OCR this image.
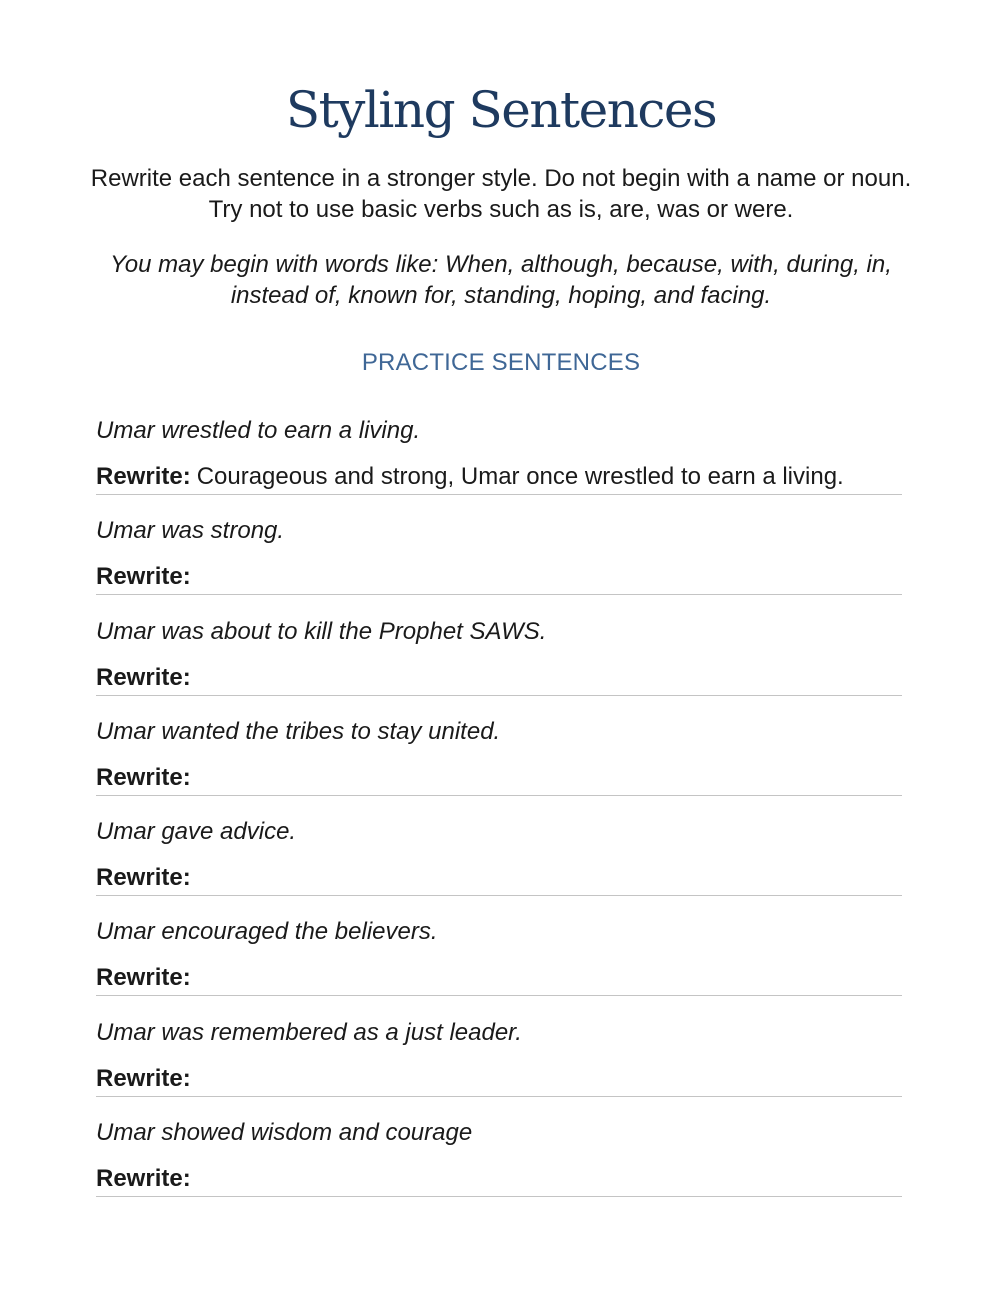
Styling Sentences

Rewrite each sentence in a stronger style. Do not begin with a name or noun. Try not to use basic verbs such as is, are, was or were.

You may begin with words like: When, although, because, with, during, in, instead of, known for, standing, hoping, and facing.

PRACTICE SENTENCES
Umar wrestled to earn a living.
Rewrite: Courageous and strong, Umar once wrestled to earn a living.
Umar was strong.
Rewrite:
Umar was about to kill the Prophet SAWS.
Rewrite:
Umar wanted the tribes to stay united.
Rewrite:
Umar gave advice.
Rewrite:
Umar encouraged the believers.
Rewrite:
Umar was remembered as a just leader.
Rewrite:
Umar showed wisdom and courage
Rewrite:
